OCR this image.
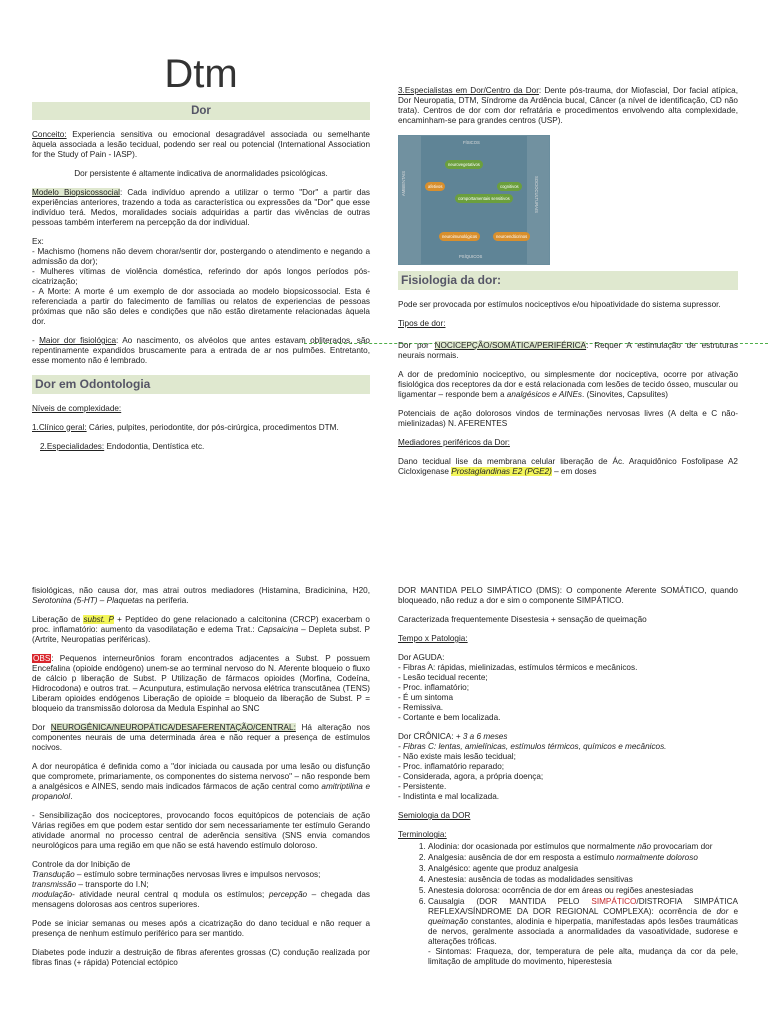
Dtm
Dor

Conceito: Experiencia sensitiva ou emocional desagradável associada ou semelhante àquela associada a lesão tecidual, podendo ser real ou potencial (International Association for the Study of Pain - IASP).

Dor persistente é altamente indicativa de anormalidades psicológicas.

Modelo Biopsicossocial: Cada indivíduo aprendo a utilizar o termo "Dor" a partir das experiências anteriores, trazendo a toda as característica ou expressões da "Dor" que esse indivíduo terá. Medos, moralidades sociais adquiridas a partir das vivências de outras pessoas também interferem na percepção da dor individual.

Ex:

- Machismo (homens não devem chorar/sentir dor, postergando o atendimento e negando a admissão da dor);

- Mulheres vítimas de violência doméstica, referindo dor após longos períodos pós-cicatrização;

- A Morte: A morte é um exemplo de dor associada ao modelo biopsicossocial. Esta é referenciada a partir do falecimento de famílias ou relatos de experiencias de pessoas próximas que não são deles e condições que não estão diretamente relacionadas àquela dor.

- Maior dor fisiológica: Ao nascimento, os alvéolos que antes estavam obliterados, são repentinamente expandidos bruscamente para a entrada de ar nos pulmões. Entretanto, esse momento não é lembrado.

Dor em Odontologia

Níveis de complexidade:

1.Clínico geral: Cáries, pulpites, periodontite, dor pós-cirúrgica, procedimentos DTM.

2.Especialidades: Endodontia, Dentística etc.

3.Especialistas em Dor/Centro da Dor: Dente pós-trauma, dor Miofascial, Dor facial atípica, Dor Neuropatia, DTM, Síndrome da Ardência bucal, Câncer (a nível de identificação, CD não trata). Centros de dor com dor refratária e procedimentos envolvendo alta complexidade, encaminham-se para grandes centros (USP).

FÍSICOS
neurovegetativos
afetivos
comportamentais sensitivos
cognitivos
neuroimunológicos	neuroendócrinos
PSÍQUICOS
AMBIENTAIS	SOCIOCULTURAIS
Fisiologia da dor:

Pode ser provocada por estímulos nociceptivos e/ou hipoatividade do sistema supressor.

Tipos de dor:

Dor por NOCICEPÇÃO/SOMÁTICA/PERIFÉRICA: Requer A estimulação de estruturas neurais normais.

A dor de predomínio nociceptivo, ou simplesmente dor nociceptiva, ocorre por ativação fisiológica dos receptores da dor e está relacionada com lesões de tecido ósseo, muscular ou ligamentar – responde bem a analgésicos e AINEs. (Sinovites, Capsulites)

Potenciais de ação dolorosos vindos de terminações nervosas livres (A delta e C não-mielinizadas) N. AFERENTES

Mediadores periféricos da Dor:

Dano tecidual lise da membrana celular liberação de Ác. Araquidônico Fosfolipase A2 Cicloxigenase Prostaglandinas E2 (PGE2) – em doses

fisiológicas, não causa dor, mas atrai outros mediadores (Histamina, Bradicinina, H20, Serotonina (5-HT) – Plaquetas na periferia.

Liberação de subst. P + Peptídeo do gene relacionado a calcitonina (CRCP) exacerbam o proc. inflamatório: aumento da vasodilatação e edema Trat.: Capsaicina – Depleta subst. P (Artrite, Neuropatias periféricas).

OBS: Pequenos interneurônios foram encontrados adjacentes a Subst. P possuem Encefalina (opioide endógeno) unem-se ao terminal nervoso do N. Aferente bloqueio o fluxo de cálcio p liberação de Subst. P Utilização de fármacos opioides (Morfina, Codeína, Hidrocodona) e outros trat. – Acunputura, estimulação nervosa elétrica transcutânea (TENS) Liberam opioides endógenos Liberação de opioide = bloqueio da liberação de Subst. P = bloqueio da transmissão dolorosa da Medula Espinhal ao SNC

Dor NEUROGÊNICA/NEUROPÁTICA/DESAFERENTAÇÃO/CENTRAL: Há alteração nos componentes neurais de uma determinada área e não requer a presença de estímulos nocivos.

A dor neuropática é definida como a "dor iniciada ou causada por uma lesão ou disfunção que compromete, primariamente, os componentes do sistema nervoso" – não responde bem a analgésicos e AINES, sendo mais indicados fármacos de ação central como amitriptilina e propanolol.

- Sensibilização dos nociceptores, provocando focos equitópicos de potenciais de ação Várias regiões em que podem estar sentido dor sem necessariamente ter estímulo Gerando atividade anormal no processo central de aderência sensitiva (SNS envia comandos neurológicos para uma região em que não se está havendo estímulo doloroso.

Controle da dor Inibição de
Transdução – estímulo sobre terminações nervosas livres e impulsos nervosos;
transmissão – transporte do I.N;
modulação- atividade neural central q modula os estímulos; percepção – chegada das mensagens dolorosas aos centros superiores.

Pode se iniciar semanas ou meses após a cicatrização do dano tecidual e não requer a presença de nenhum estímulo periférico para ser mantido.

Diabetes pode induzir a destruição de fibras aferentes grossas (C) condução realizada por fibras finas (+ rápida) Potencial ectópico

DOR MANTIDA PELO SIMPÁTICO (DMS): O componente Aferente SOMÁTICO, quando bloqueado, não reduz a dor e sim o componente SIMPÁTICO.

Caracterizada frequentemente Disestesia + sensação de queimação

Tempo x Patologia:

Dor AGUDA:

- Fibras A: rápidas, mielinizadas, estímulos térmicos e mecânicos.

- Lesão tecidual recente;

- Proc. inflamatório;

- É um sintoma

- Remissiva.

- Cortante e bem localizada.

Dor CRÔNICA: + 3 a 6 meses

- Fibras C: lentas, amielínicas, estímulos térmicos, químicos e mecânicos.

- Não existe mais lesão tecidual;

- Proc. inflamatório reparado;

- Considerada, agora, a própria doença;

- Persistente.

- Indistinta e mal localizada.

Semiologia da DOR

Terminologia:

1. Alodinia: dor ocasionada por estímulos que normalmente não provocariam dor
2. Analgesia: ausência de dor em resposta a estímulo normalmente doloroso
3. Analgésico: agente que produz analgesia
4. Anestesia: ausência de todas as modalidades sensitivas
5. Anestesia dolorosa: ocorrência de dor em áreas ou regiões anestesiadas
6. Causalgia (DOR MANTIDA PELO SIMPÁTICO/DISTROFIA SIMPÁTICA REFLEXA/SÍNDROME DA DOR REGIONAL COMPLEXA): ocorrência de dor e queimação constantes, alodinia e hiperpatia, manifestadas após lesões traumáticas de nervos, geralmente associada a anormalidades da vasoatividade, sudorese e alterações tróficas.
- Sintomas: Fraqueza, dor, temperatura de pele alta, mudança da cor da pele, limitação de amplitude do movimento, hiperestesia
